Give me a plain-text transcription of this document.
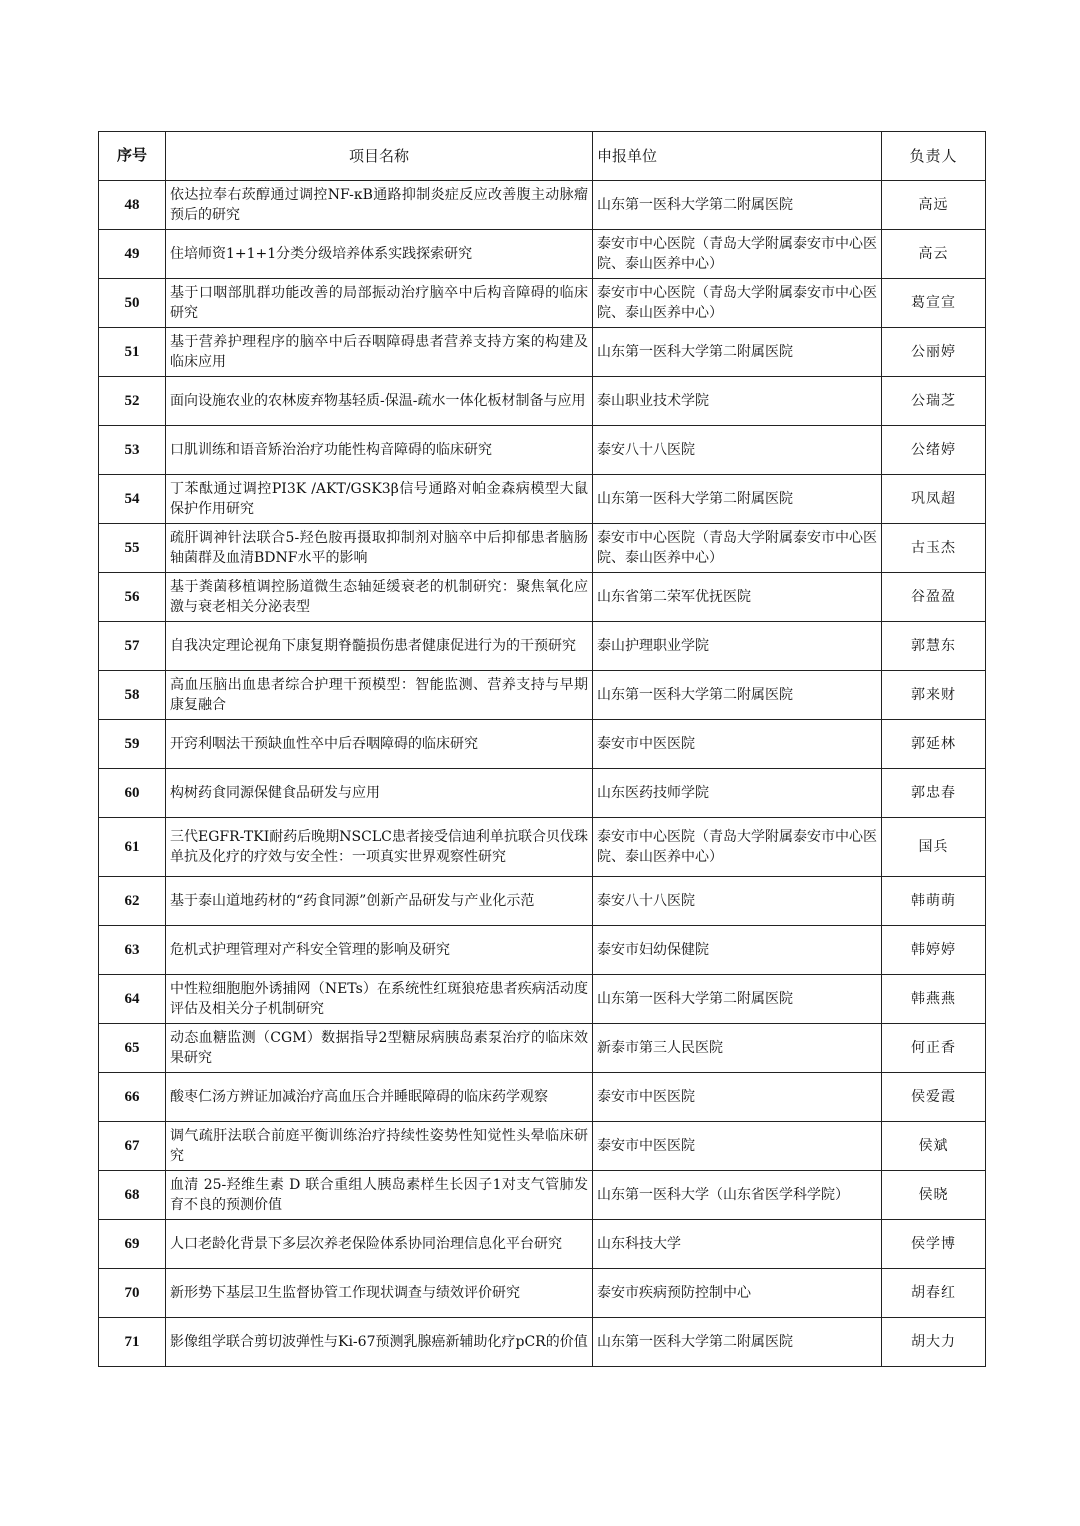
序号	项目名称	申报单位	负责人
48	依达拉奉右莰醇通过调控NF-κB通路抑制炎症反应改善腹主动脉瘤预后的研究	山东第一医科大学第二附属医院	高远
49	住培师资1+1+1分类分级培养体系实践探索研究	泰安市中心医院（青岛大学附属泰安市中心医院、泰山医养中心）	高云
50	基于口咽部肌群功能改善的局部振动治疗脑卒中后构音障碍的临床研究	泰安市中心医院（青岛大学附属泰安市中心医院、泰山医养中心）	葛宣宣
51	基于营养护理程序的脑卒中后吞咽障碍患者营养支持方案的构建及临床应用	山东第一医科大学第二附属医院	公丽婷
52	面向设施农业的农林废弃物基轻质-保温-疏水一体化板材制备与应用	泰山职业技术学院	公瑞芝
53	口肌训练和语音矫治治疗功能性构音障碍的临床研究	泰安八十八医院	公绪婷
54	丁苯酞通过调控PI3K /AKT/GSK3β信号通路对帕金森病模型大鼠保护作用研究	山东第一医科大学第二附属医院	巩凤超
55	疏肝调神针法联合5-羟色胺再摄取抑制剂对脑卒中后抑郁患者脑肠轴菌群及血清BDNF水平的影响	泰安市中心医院（青岛大学附属泰安市中心医院、泰山医养中心）	古玉杰
56	基于粪菌移植调控肠道微生态轴延缓衰老的机制研究：聚焦氧化应激与衰老相关分泌表型	山东省第二荣军优抚医院	谷盈盈
57	自我决定理论视角下康复期脊髓损伤患者健康促进行为的干预研究	泰山护理职业学院	郭慧东
58	高血压脑出血患者综合护理干预模型：智能监测、营养支持与早期康复融合	山东第一医科大学第二附属医院	郭来财
59	开窍利咽法干预缺血性卒中后吞咽障碍的临床研究	泰安市中医医院	郭延林
60	构树药食同源保健食品研发与应用	山东医药技师学院	郭忠春
61	三代EGFR-TKI耐药后晚期NSCLC患者接受信迪利单抗联合贝伐珠单抗及化疗的疗效与安全性：一项真实世界观察性研究	泰安市中心医院（青岛大学附属泰安市中心医院、泰山医养中心）	国兵
62	基于泰山道地药材的“药食同源”创新产品研发与产业化示范	泰安八十八医院	韩萌萌
63	危机式护理管理对产科安全管理的影响及研究	泰安市妇幼保健院	韩婷婷
64	中性粒细胞胞外诱捕网（NETs）在系统性红斑狼疮患者疾病活动度评估及相关分子机制研究	山东第一医科大学第二附属医院	韩燕燕
65	动态血糖监测（CGM）数据指导2型糖尿病胰岛素泵治疗的临床效果研究	新泰市第三人民医院	何正香
66	酸枣仁汤方辨证加减治疗高血压合并睡眠障碍的临床药学观察	泰安市中医医院	侯爱霞
67	调气疏肝法联合前庭平衡训练治疗持续性姿势性知觉性头晕临床研究	泰安市中医医院	侯斌
68	血清 25-羟维生素 D 联合重组人胰岛素样生长因子1对支气管肺发育不良的预测价值	山东第一医科大学（山东省医学科学院）	侯晓
69	人口老龄化背景下多层次养老保险体系协同治理信息化平台研究	山东科技大学	侯学博
70	新形势下基层卫生监督协管工作现状调查与绩效评价研究	泰安市疾病预防控制中心	胡春红
71	影像组学联合剪切波弹性与Ki-67预测乳腺癌新辅助化疗pCR的价值	山东第一医科大学第二附属医院	胡大力
